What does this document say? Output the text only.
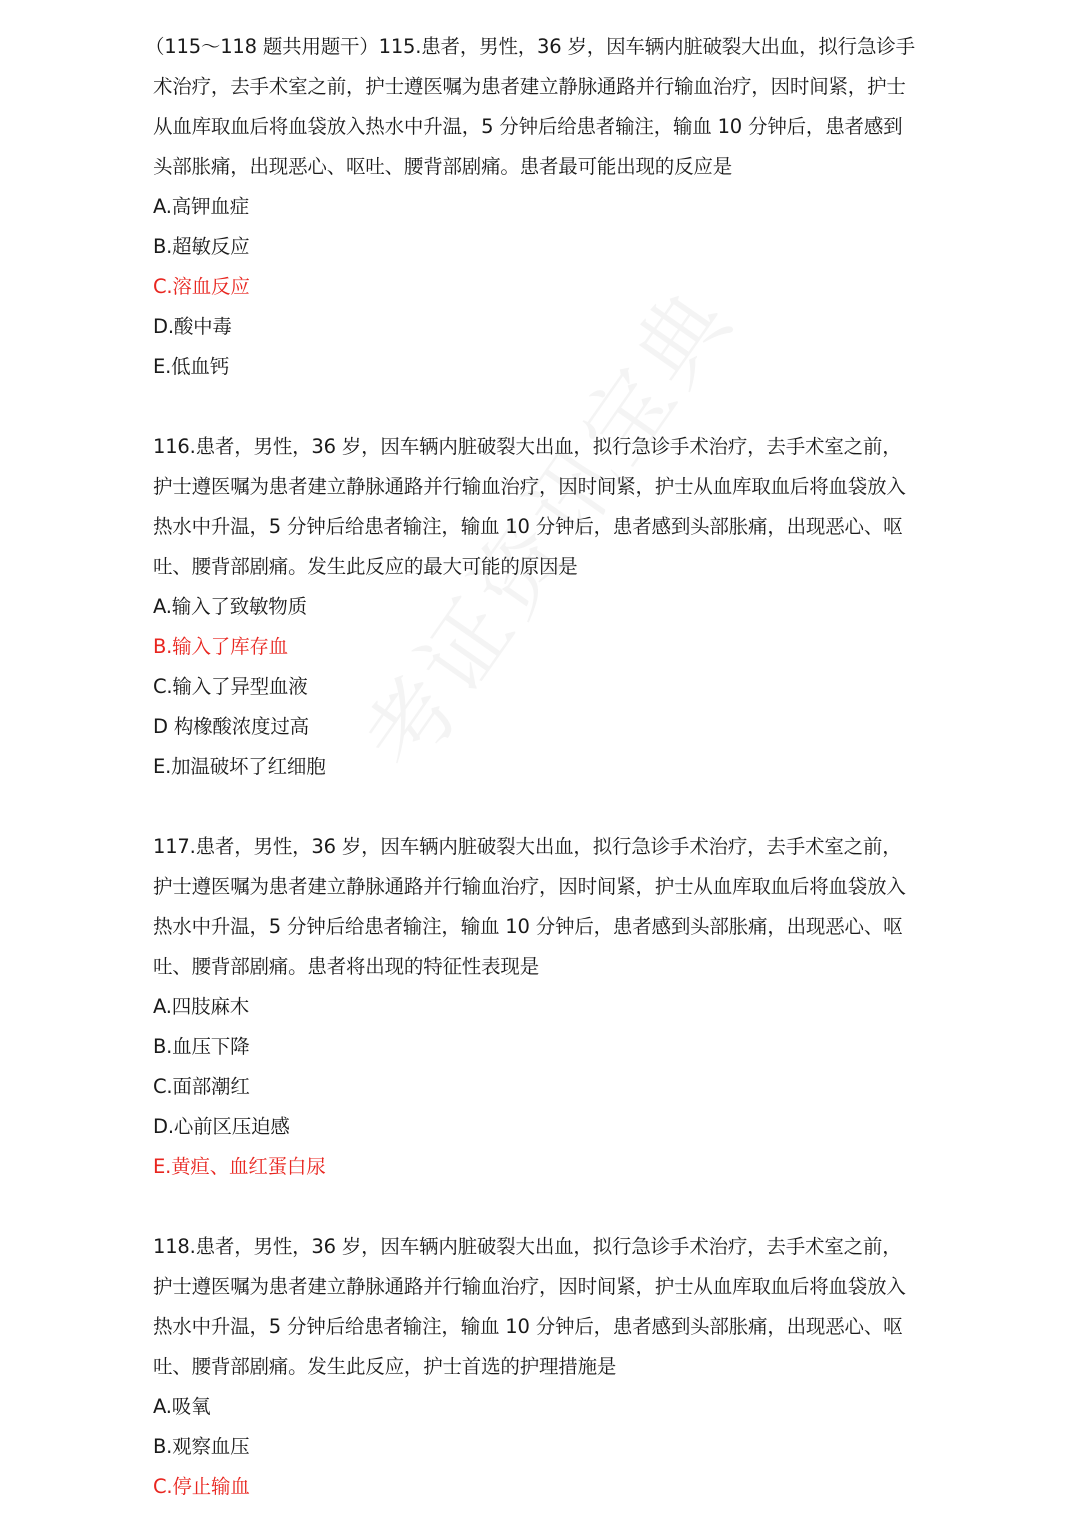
（115～118 题共用题干）115.患者，男性，36 岁，因车辆内脏破裂大出血，拟行急诊手
术治疗，去手术室之前，护士遵医嘱为患者建立静脉通路并行输血治疗，因时间紧，护士
从血库取血后将血袋放入热水中升温，5 分钟后给患者输注，输血 10 分钟后，患者感到
头部胀痛，出现恶心、呕吐、腰背部剧痛。患者最可能出现的反应是
A.高钾血症
B.超敏反应
C.溶血反应
D.酸中毒
E.低血钙
116.患者，男性，36 岁，因车辆内脏破裂大出血，拟行急诊手术治疗，去手术室之前，
护士遵医嘱为患者建立静脉通路并行输血治疗，因时间紧，护士从血库取血后将血袋放入
热水中升温，5 分钟后给患者输注，输血 10 分钟后，患者感到头部胀痛，出现恶心、呕
吐、腰背部剧痛。发生此反应的最大可能的原因是
A.输入了致敏物质
B.输入了库存血
C.输入了异型血液
D 构橡酸浓度过高
E.加温破坏了红细胞
117.患者，男性，36 岁，因车辆内脏破裂大出血，拟行急诊手术治疗，去手术室之前，
护士遵医嘱为患者建立静脉通路并行输血治疗，因时间紧，护士从血库取血后将血袋放入
热水中升温，5 分钟后给患者输注，输血 10 分钟后，患者感到头部胀痛，出现恶心、呕
吐、腰背部剧痛。患者将出现的特征性表现是
A.四肢麻木
B.血压下降
C.面部潮红
D.心前区压迫感
E.黄疸、血红蛋白尿
118.患者，男性，36 岁，因车辆内脏破裂大出血，拟行急诊手术治疗，去手术室之前，
护士遵医嘱为患者建立静脉通路并行输血治疗，因时间紧，护士从血库取血后将血袋放入
热水中升温，5 分钟后给患者输注，输血 10 分钟后，患者感到头部胀痛，出现恶心、呕
吐、腰背部剧痛。发生此反应，护士首选的护理措施是
A.吸氧
B.观察血压
C.停止输血
